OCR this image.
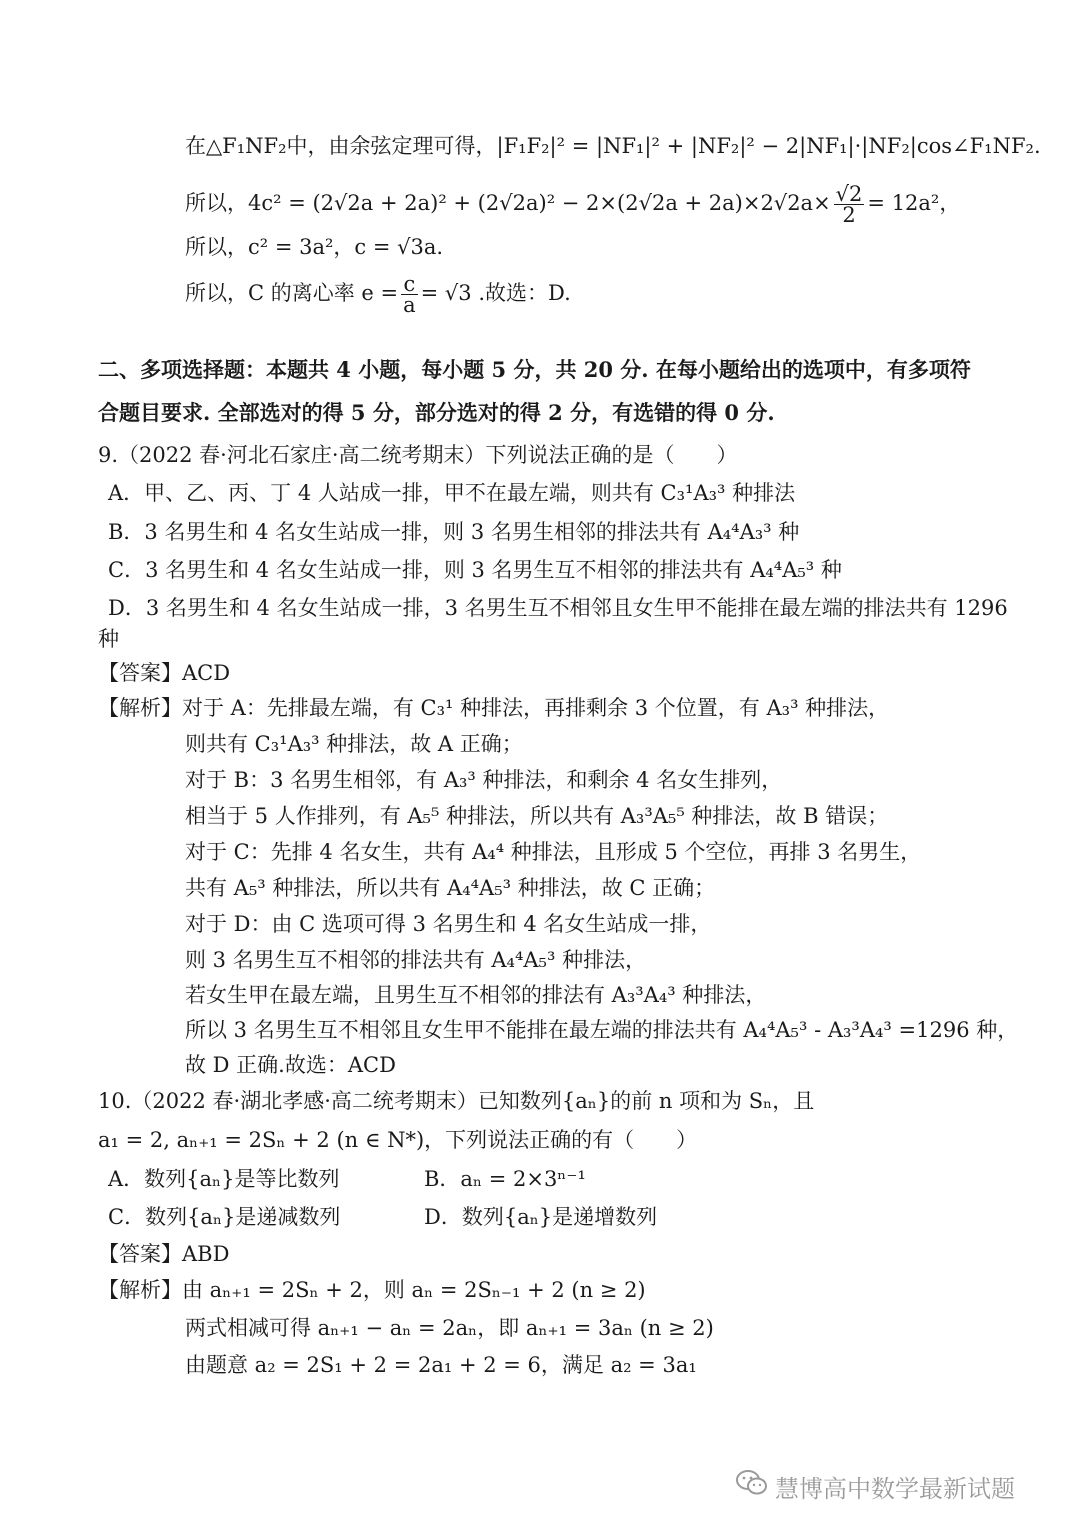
在△F₁NF₂中，由余弦定理可得，|F₁F₂|² = |NF₁|² + |NF₂|² − 2|NF₁|·|NF₂|cos∠F₁NF₂.
所以，$4c^2 = (2√2a + 2a)^2 + (2√2a)^2 - 2\times(2√2a + 2a)\times 2√2a\times \frac{√2}{2} = 12a^2$，
所以，c² = 3a²，c = √3a.
所以，C 的离心率 $e = \frac{c}{a} = √3$ .故选：D.
二、多项选择题：本题共 4 小题，每小题 5 分，共 20 分. 在每小题给出的选项中，有多项符
合题目要求. 全部选对的得 5 分，部分选对的得 2 分，有选错的得 0 分.
9.（2022 春·河北石家庄·高二统考期末）下列说法正确的是（　　）
A．甲、乙、丙、丁 4 人站成一排，甲不在最左端，则共有 C₃¹A₃³ 种排法
B．3 名男生和 4 名女生站成一排，则 3 名男生相邻的排法共有 A₄⁴A₃³ 种
C．3 名男生和 4 名女生站成一排，则 3 名男生互不相邻的排法共有 A₄⁴A₅³ 种
D．3 名男生和 4 名女生站成一排，3 名男生互不相邻且女生甲不能排在最左端的排法共有 1296
种
【答案】ACD
【解析】对于 A：先排最左端，有 C₃¹ 种排法，再排剩余 3 个位置，有 A₃³ 种排法，
则共有 C₃¹A₃³ 种排法，故 A 正确；
对于 B：3 名男生相邻，有 A₃³ 种排法，和剩余 4 名女生排列，
相当于 5 人作排列，有 A₅⁵ 种排法，所以共有 A₃³A₅⁵ 种排法，故 B 错误；
对于 C：先排 4 名女生，共有 A₄⁴ 种排法，且形成 5 个空位，再排 3 名男生，
共有 A₅³ 种排法，所以共有 A₄⁴A₅³ 种排法，故 C 正确；
对于 D：由 C 选项可得 3 名男生和 4 名女生站成一排，
则 3 名男生互不相邻的排法共有 A₄⁴A₅³ 种排法，
若女生甲在最左端，且男生互不相邻的排法有 A₃³A₄³ 种排法，
所以 3 名男生互不相邻且女生甲不能排在最左端的排法共有 A₄⁴A₅³ - A₃³A₄³ =1296 种，
故 D 正确.故选：ACD
10.（2022 春·湖北孝感·高二统考期末）已知数列{aₙ}的前 n 项和为 Sₙ，且
a₁ = 2, aₙ₊₁ = 2Sₙ + 2 (n ∈ N*)，下列说法正确的有（　　）
A．数列{aₙ}是等比数列	B．aₙ = 2×3ⁿ⁻¹
C．数列{aₙ}是递减数列	D．数列{aₙ}是递增数列
【答案】ABD
【解析】由 aₙ₊₁ = 2Sₙ + 2，则 aₙ = 2Sₙ₋₁ + 2 (n ≥ 2)
两式相减可得 aₙ₊₁ − aₙ = 2aₙ，即 aₙ₊₁ = 3aₙ (n ≥ 2)
由题意 a₂ = 2S₁ + 2 = 2a₁ + 2 = 6，满足 a₂ = 3a₁
慧博高中数学最新试题
